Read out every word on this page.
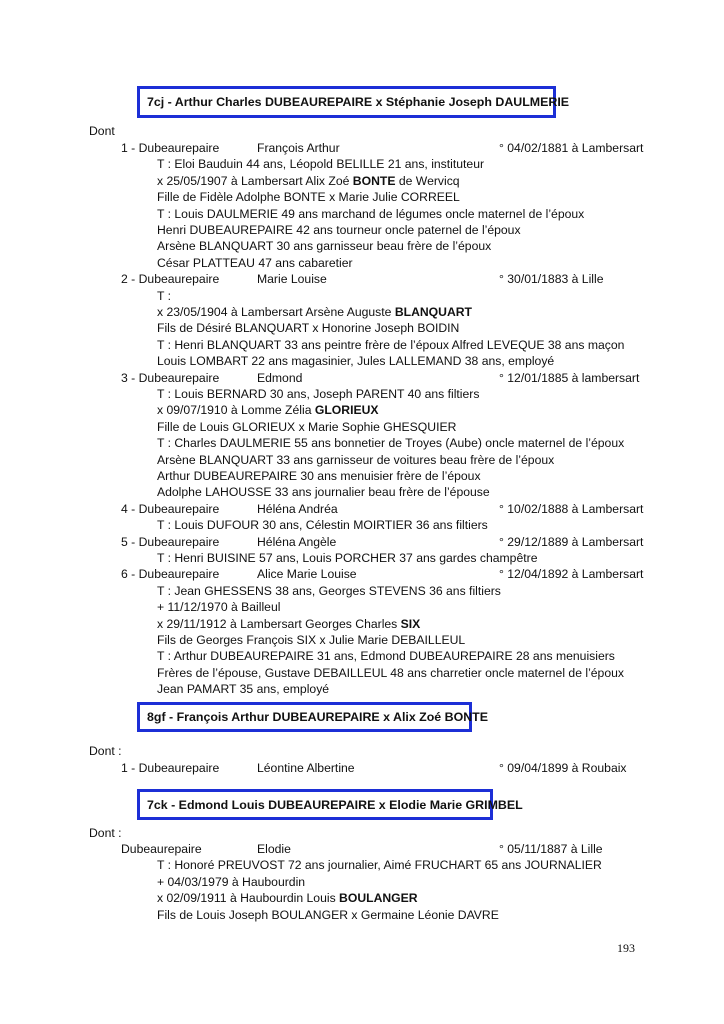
7cj - Arthur Charles DUBEAUREPAIRE x Stéphanie Joseph DAULMERIE
Dont
1 - Dubeaurepaire	François Arthur	° 04/02/1881 à Lambersart
T : Eloi Bauduin 44 ans, Léopold BELILLE 21 ans, instituteur
x 25/05/1907 à Lambersart Alix Zoé BONTE de Wervicq
Fille de Fidèle Adolphe BONTE x Marie Julie CORREEL
T : Louis DAULMERIE 49 ans marchand de légumes oncle maternel de l’époux
Henri DUBEAUREPAIRE 42 ans tourneur oncle paternel de l’époux
Arsène BLANQUART 30 ans garnisseur beau frère de l’époux
César PLATTEAU 47 ans cabaretier
2 - Dubeaurepaire	Marie Louise	° 30/01/1883 à Lille
T :
x 23/05/1904 à Lambersart Arsène Auguste BLANQUART
Fils de Désiré BLANQUART x Honorine Joseph BOIDIN
T : Henri BLANQUART 33 ans peintre frère de l’époux Alfred LEVEQUE 38 ans maçon
Louis LOMBART 22 ans magasinier, Jules LALLEMAND 38 ans, employé
3 - Dubeaurepaire	Edmond	° 12/01/1885 à lambersart
T : Louis BERNARD 30 ans, Joseph PARENT 40 ans filtiers
x 09/07/1910 à Lomme Zélia GLORIEUX
Fille de Louis GLORIEUX x Marie Sophie GHESQUIER
T : Charles DAULMERIE 55 ans bonnetier de Troyes (Aube) oncle maternel de l’époux
Arsène BLANQUART 33 ans garnisseur de voitures beau frère de l’époux
Arthur DUBEAUREPAIRE 30 ans menuisier frère de l’époux
Adolphe LAHOUSSE 33 ans journalier beau frère de l’épouse
4 - Dubeaurepaire	Héléna Andréa	° 10/02/1888 à Lambersart
T : Louis DUFOUR 30 ans, Célestin MOIRTIER 36 ans filtiers
5 - Dubeaurepaire	Héléna Angèle	° 29/12/1889 à Lambersart
T : Henri BUISINE 57 ans, Louis PORCHER 37 ans gardes champêtre
6 - Dubeaurepaire	Alice Marie Louise	° 12/04/1892 à Lambersart
T : Jean GHESSENS 38 ans, Georges STEVENS 36 ans filtiers
+ 11/12/1970 à Bailleul
x 29/11/1912 à Lambersart Georges Charles SIX
Fils de Georges François SIX x Julie Marie DEBAILLEUL
T : Arthur DUBEAUREPAIRE 31 ans, Edmond DUBEAUREPAIRE 28 ans menuisiers
Frères de l’épouse, Gustave DEBAILLEUL 48 ans charretier oncle maternel de l’époux
Jean PAMART 35 ans, employé
8gf - François Arthur DUBEAUREPAIRE x Alix Zoé BONTE
Dont :
1 - Dubeaurepaire	Léontine Albertine	° 09/04/1899 à Roubaix
7ck - Edmond Louis DUBEAUREPAIRE x Elodie Marie GRIMBEL
Dont :
Dubeaurepaire	Elodie	° 05/11/1887 à Lille
T : Honoré PREUVOST 72 ans journalier, Aimé FRUCHART 65 ans JOURNALIER
+ 04/03/1979 à Haubourdin
x 02/09/1911 à Haubourdin Louis BOULANGER
Fils de Louis Joseph BOULANGER x Germaine Léonie DAVRE
193
